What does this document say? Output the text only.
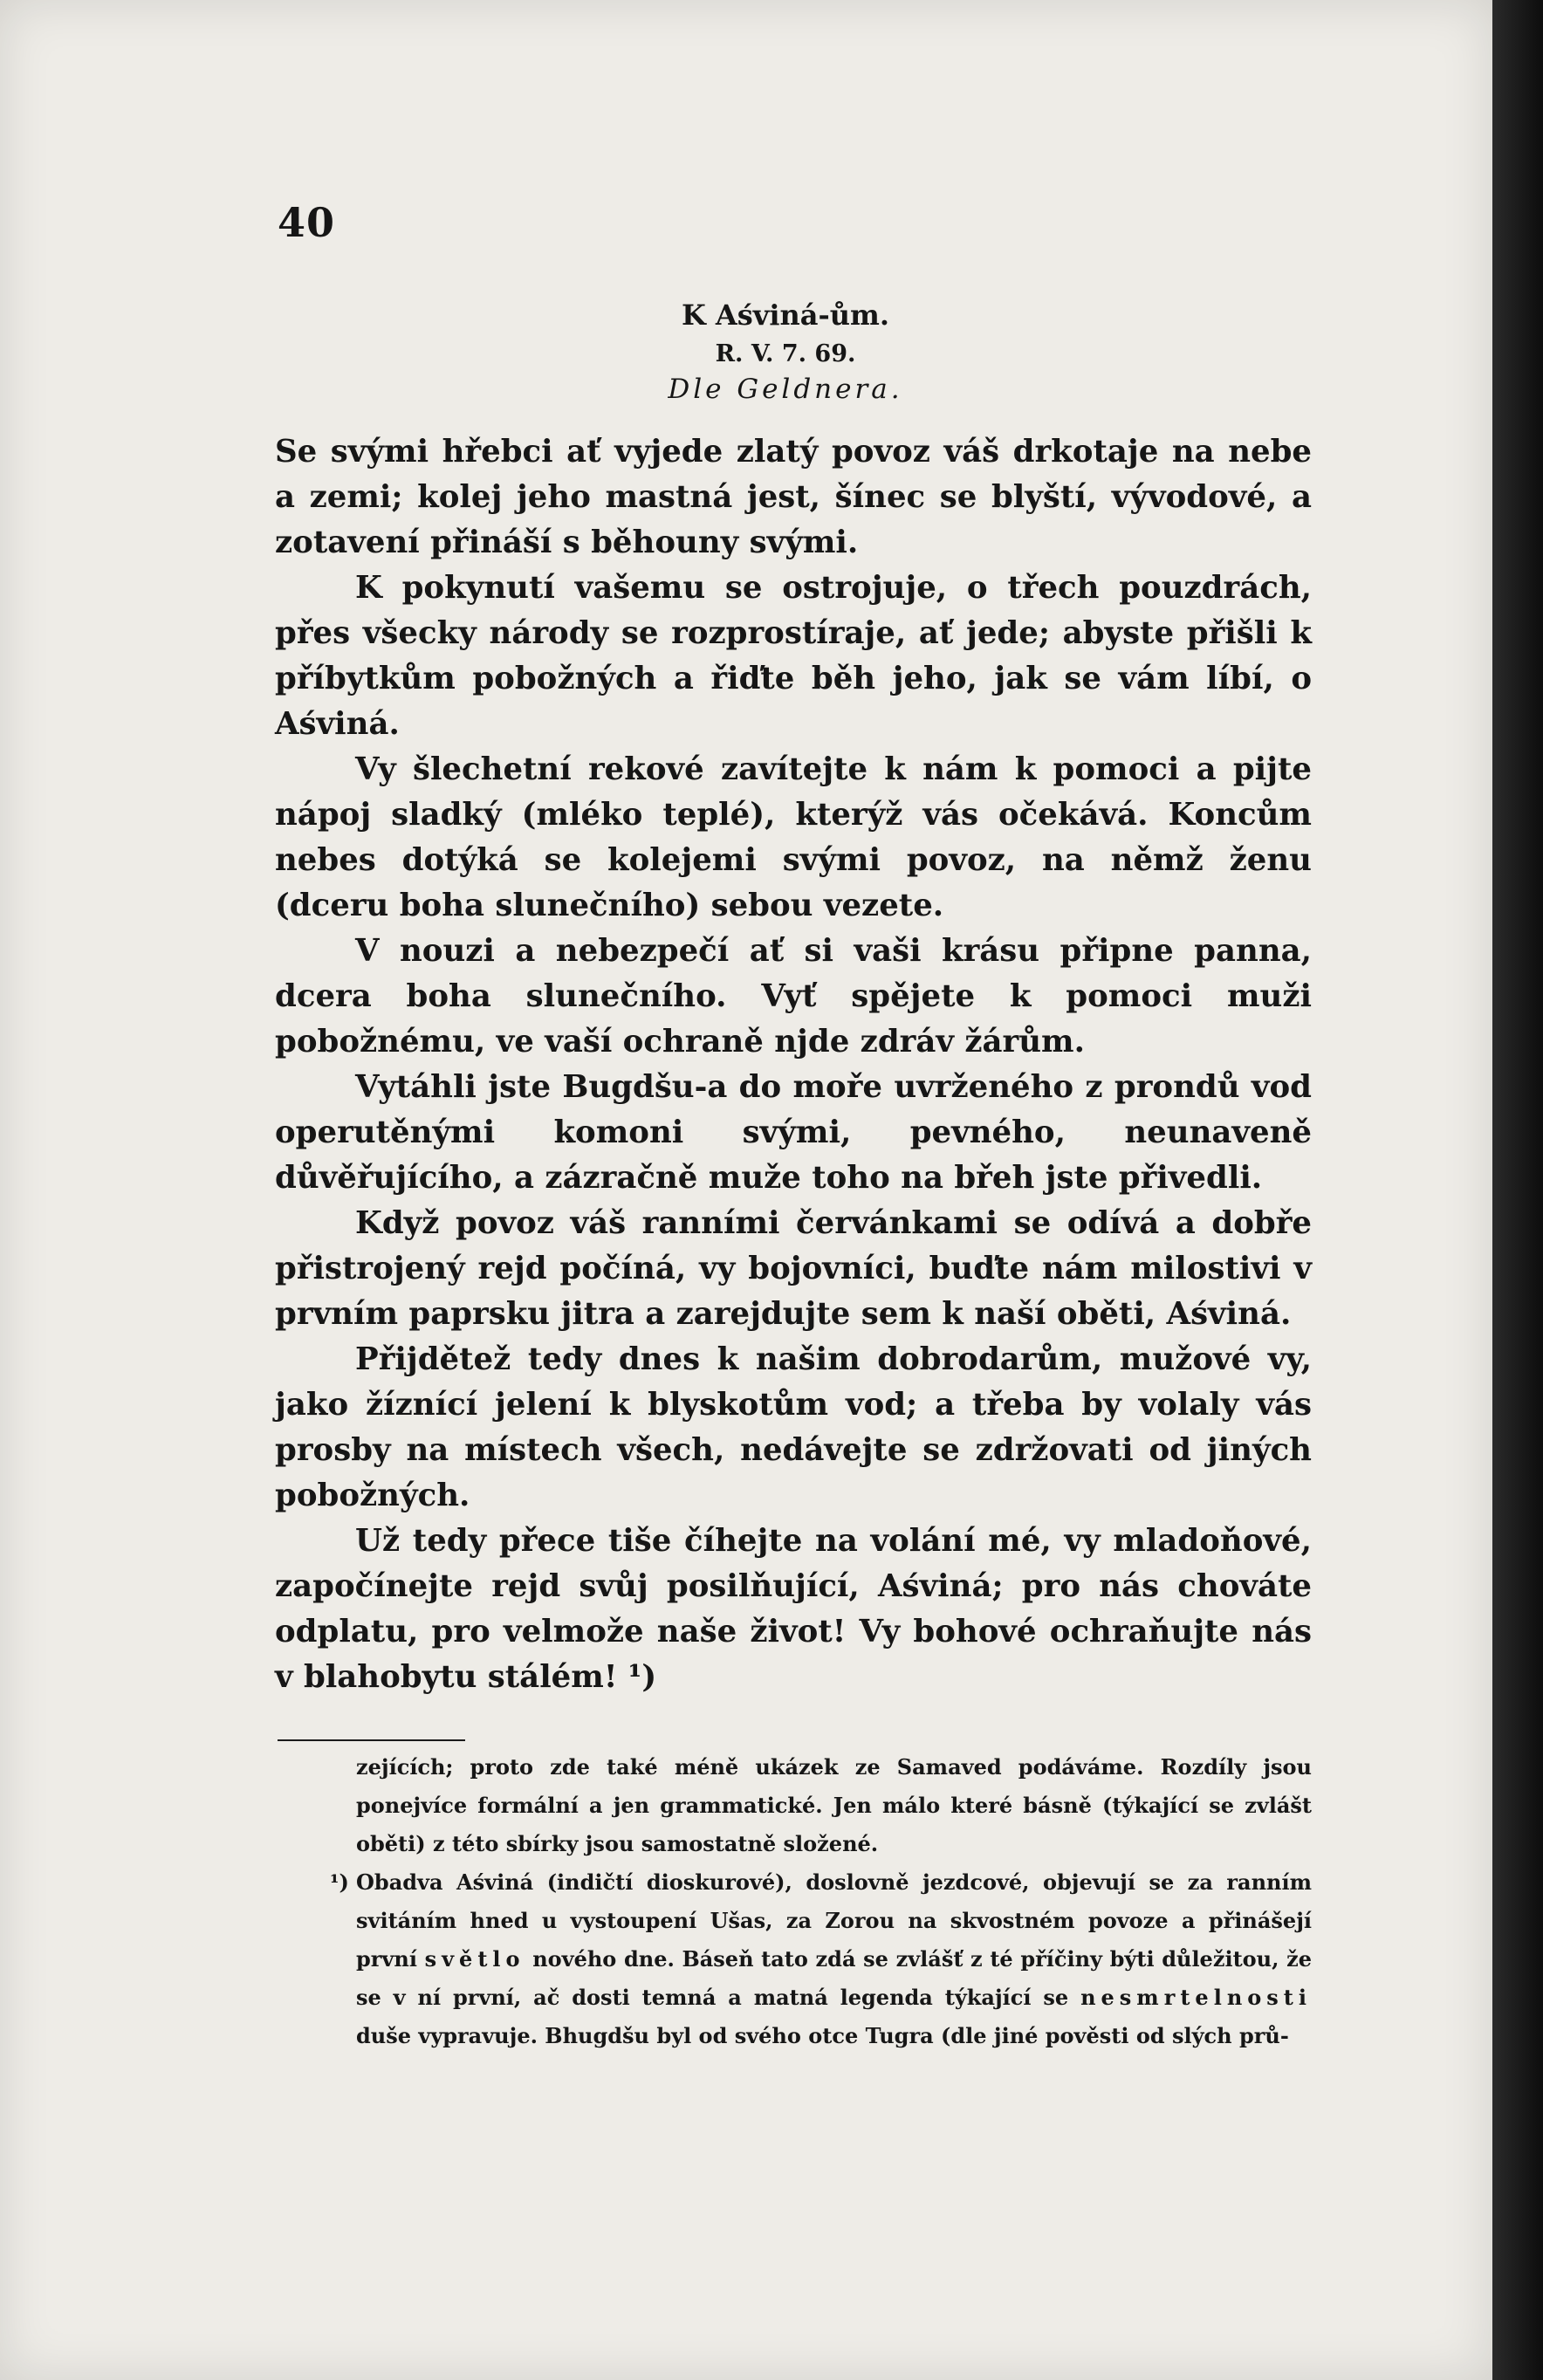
40
K Aśviná-ům.
R. V. 7. 69.
Dle Geldnera.

Se svými hřebci ať vyjede zlatý povoz váš drkotaje na nebe a zemi; kolej jeho mastná jest, šínec se blyští, vývodové, a zotavení přináší s běhouny svými.

K pokynutí vašemu se ostrojuje, o třech pouzdrách, přes všecky národy se rozprostíraje, ať jede; abyste přišli k příbytkům pobožných a řiďte běh jeho, jak se vám líbí, o Aśviná.

Vy šlechetní rekové zavítejte k nám k pomoci a pijte nápoj sladký (mléko teplé), kterýž vás očekává. Koncům nebes dotýká se kolejemi svými povoz, na němž ženu (dceru boha slunečního) sebou vezete.

V nouzi a nebezpečí ať si vaši krásu připne panna, dcera boha slunečního. Vyť spějete k pomoci muži pobožnému, ve vaší ochraně njde zdráv žárům.

Vytáhli jste Bugdšu-a do moře uvrženého z prondů vod operutěnými komoni svými, pevného, neunaveně důvěřujícího, a zázračně muže toho na břeh jste přivedli.

Když povoz váš ranními červánkami se odívá a dobře přistrojený rejd počíná, vy bojovníci, buďte nám milostivi v prvním paprsku jitra a zarejdujte sem k naší oběti, Aśviná.

Přijdětež tedy dnes k našim dobrodarům, mužové vy, jako žíznící jelení k blyskotům vod; a třeba by volaly vás prosby na místech všech, nedávejte se zdržovati od jiných pobožných.

Už tedy přece tiše číhejte na volání mé, vy mladoňové, započínejte rejd svůj posilňující, Aśviná; pro nás chováte odplatu, pro velmože naše život! Vy bohové ochraňujte nás v blahobytu stálém! ¹)

zejících; proto zde také méně ukázek ze Samaved podáváme. Rozdíly jsou ponejvíce formální a jen grammatické. Jen málo které básně (týkající se zvlášt oběti) z této sbírky jsou samostatně složené.

¹) Obadva Aśviná (indičtí dioskurové), doslovně jezdcové, objevují se za ranním svitáním hned u vystoupení Ušas, za Zorou na skvostném povoze a přinášejí první světlo nového dne. Báseň tato zdá se zvlášť z té příčiny býti důležitou, že se v ní první, ač dosti temná a matná legenda týkající se nesmrtelnosti duše vypravuje. Bhugdšu byl od svého otce Tugra (dle jiné pověsti od slých prů-
